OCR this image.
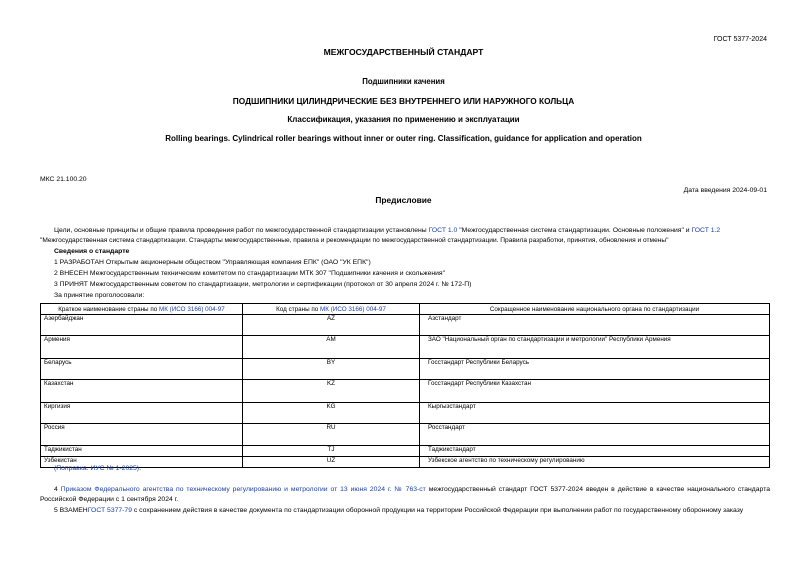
ГОСТ 5377-2024
МЕЖГОСУДАРСТВЕННЫЙ СТАНДАРТ
Подшипники качения
ПОДШИПНИКИ ЦИЛИНДРИЧЕСКИЕ БЕЗ ВНУТРЕННЕГО ИЛИ НАРУЖНОГО КОЛЬЦА
Классификация, указания по применению и эксплуатации
Rolling bearings. Cylindrical roller bearings without inner or outer ring. Classification, guidance for application and operation
МКС 21.100.20
Дата введения 2024-09-01
Предисловие
Цели, основные принципы и общие правила проведения работ по межгосударственной стандартизации установлены ГОСТ 1.0 "Межгосударственная система стандартизации. Основные положения" и ГОСТ 1.2
"Межгосударственная система стандартизации. Стандарты межгосударственные, правила и рекомендации по межгосударственной стандартизации. Правила разработки, принятия, обновления и отмены"
Сведения о стандарте
1 РАЗРАБОТАН Открытым акционерным обществом "Управляющая компания ЕПК" (ОАО "УК ЕПК")
2 ВНЕСЕН Межгосударственным техническим комитетом по стандартизации МТК 307 "Подшипники качения и скольжения"
3 ПРИНЯТ Межгосударственным советом по стандартизации, метрологии и сертификации (протокол от 30 апреля 2024 г. № 172-П)
За принятие проголосовали:
Краткое наименование страны по МК (ИСО 3166) 004-97	Код страны по МК (ИСО 3166) 004-97	Сокращенное наименование национального органа по стандартизации
Азербайджан	AZ	Азстандарт
Армения	AM	ЗАО "Национальный орган по стандартизации и метрологии" Республики Армения
Беларусь	BY	Госстандарт Республики Беларусь
Казахстан	KZ	Госстандарт Республики Казахстан
Киргизия	KG	Кыргызстандарт
Россия	RU	Росстандарт
Таджикистан	TJ	Таджикстандарт
Узбекистан	UZ	Узбекское агентство по техническому регулированию
(Поправка. ИУС № 1-2025).
4 Приказом Федерального агентства по техническому регулированию и метрологии от 13 июня 2024 г. № 763-ст межгосударственный стандарт ГОСТ 5377-2024 введен в действие в качестве национального стандарта Российской Федерации с 1 сентября 2024 г.
5 ВЗАМЕНГОСТ 5377-79 с сохранением действия в качестве документа по стандартизации оборонной продукции на территории Российской Федерации при выполнении работ по государственному оборонному заказу
